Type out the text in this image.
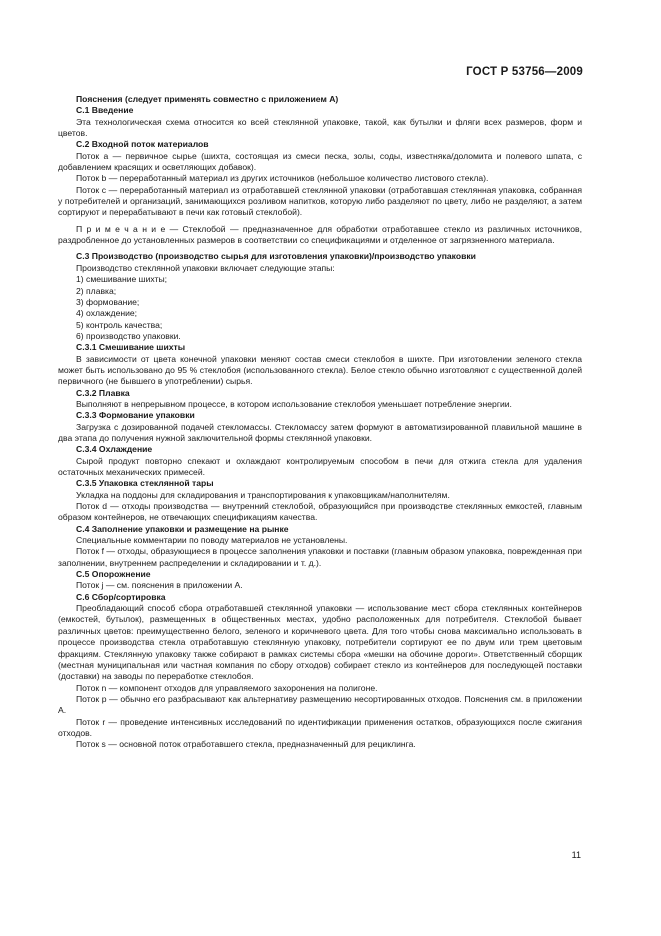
ГОСТ Р 53756—2009

Пояснения (следует применять совместно с приложением А)

С.1 Введение

Эта технологическая схема относится ко всей стеклянной упаковке, такой, как бутылки и фляги всех размеров, форм и цветов.

С.2 Входной поток материалов

Поток a — первичное сырье (шихта, состоящая из смеси песка, золы, соды, известняка/доломита и полевого шпата, с добавлением красящих и осветляющих добавок).

Поток b — переработанный материал из других источников (небольшое количество листового стекла).

Поток c — переработанный материал из отработавшей стеклянной упаковки (отработавшая стеклянная упаковка, собранная у потребителей и организаций, занимающихся розливом напитков, которую либо разделяют по цвету, либо не разделяют, а затем сортируют и перерабатывают в печи как готовый стеклобой).

П р и м е ч а н и е — Стеклобой — предназначенное для обработки отработавшее стекло из различных источников, раздробленное до установленных размеров в соответствии со спецификациями и отделенное от загрязненного материала.

С.3 Производство (производство сырья для изготовления упаковки)/производство упаковки

Производство стеклянной упаковки включает следующие этапы:

1) смешивание шихты;

2) плавка;

3) формование;

4) охлаждение;

5) контроль качества;

6) производство упаковки.

С.3.1 Смешивание шихты

В зависимости от цвета конечной упаковки меняют состав смеси стеклобоя в шихте. При изготовлении зеленого стекла может быть использовано до 95 % стеклобоя (использованного стекла). Белое стекло обычно изготовляют с существенной долей первичного (не бывшего в употреблении) сырья.

С.3.2 Плавка

Выполняют в непрерывном процессе, в котором использование стеклобоя уменьшает потребление энергии.

С.3.3 Формование упаковки

Загрузка с дозированной подачей стекломассы. Стекломассу затем формуют в автоматизированной плавильной машине в два этапа до получения нужной заключительной формы стеклянной упаковки.

С.3.4 Охлаждение

Сырой продукт повторно спекают и охлаждают контролируемым способом в печи для отжига стекла для удаления остаточных механических примесей.

С.3.5 Упаковка стеклянной тары

Укладка на поддоны для складирования и транспортирования к упаковщикам/наполнителям.

Поток d — отходы производства — внутренний стеклобой, образующийся при производстве стеклянных емкостей, главным образом контейнеров, не отвечающих спецификациям качества.

С.4 Заполнение упаковки и размещение на рынке

Специальные комментарии по поводу материалов не установлены.

Поток f — отходы, образующиеся в процессе заполнения упаковки и поставки (главным образом упаковка, поврежденная при заполнении, внутреннем распределении и складировании и т. д.).

С.5 Опорожнение

Поток j — см. пояснения в приложении А.

С.6 Сбор/сортировка

Преобладающий способ сбора отработавшей стеклянной упаковки — использование мест сбора стеклянных контейнеров (емкостей, бутылок), размещенных в общественных местах, удобно расположенных для потребителя. Стеклобой бывает различных цветов: преимущественно белого, зеленого и коричневого цвета. Для того чтобы снова максимально использовать в процессе производства стекла отработавшую стеклянную упаковку, потребители сортируют ее по двум или трем цветовым фракциям. Стеклянную упаковку также собирают в рамках системы сбора «мешки на обочине дороги». Ответственный сборщик (местная муниципальная или частная компания по сбору отходов) собирает стекло из контейнеров для последующей поставки (доставки) на заводы по переработке стеклобоя.

Поток n — компонент отходов для управляемого захоронения на полигоне.

Поток p — обычно его разбрасывают как альтернативу размещению несортированных отходов. Пояснения см. в приложении А.

Поток r — проведение интенсивных исследований по идентификации применения остатков, образующихся после сжигания отходов.

Поток s — основной поток отработавшего стекла, предназначенный для рециклинга.

11
